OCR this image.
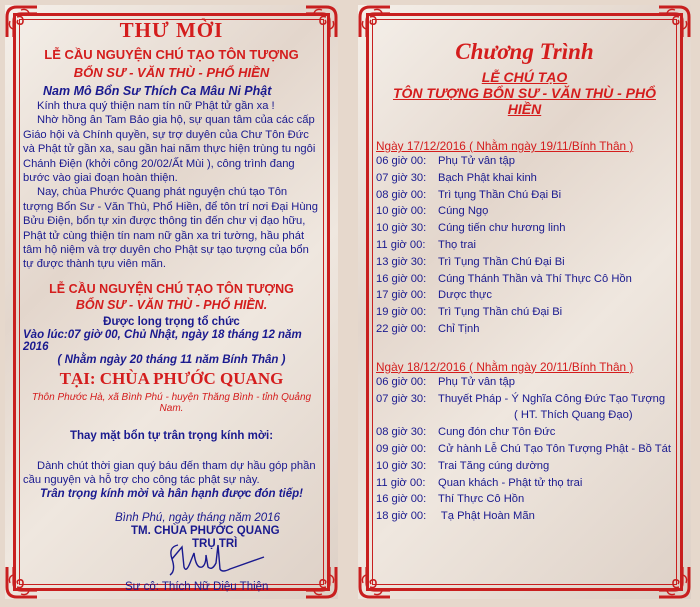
THƯ MỜI
LỄ CẦU NGUYỆN CHÚ TẠO TÔN TƯỢNG
BỔN SƯ - VĂN THÙ - PHỔ HIỀN
Nam Mô Bổn Sư Thích Ca Mâu Ni Phật

Kính thưa quý thiện nam tín nữ Phật tử gần xa !

Nhờ hồng ân Tam Bảo gia hộ, sự quan tâm của các cấp Giáo hội và Chính quyền, sự trợ duyên của Chư Tôn Đức và Phật tử gần xa, sau gần hai năm thực hiện trùng tu ngôi Chánh Điện (khởi công 20/02/Ất Mùi ), công trình đang bước vào giai đoạn hoàn thiện.

Nay, chùa Phước Quang phát nguyện chú tạo Tôn tượng Bổn Sư - Văn Thù, Phổ Hiền, để tôn trí nơi Đại Hùng Bửu Điện, bổn tự xin được thông tin đến chư vị đạo hữu, Phật tử cùng thiện tín nam nữ gần xa tri tường, hầu phát tâm hộ niệm và trợ duyên cho Phật sự tạo tượng của bổn tự được thành tựu viên mãn.

LỄ CẦU NGUYỆN CHÚ TẠO TÔN TƯỢNG
BỔN SƯ - VĂN THÙ - PHỔ HIỀN.
Được long trọng tổ chức
Vào lúc:07 giờ 00, Chủ Nhật, ngày 18 tháng 12 năm 2016
( Nhằm ngày 20 tháng 11 năm Bính Thân )
TẠI: CHÙA PHƯỚC QUANG
Thôn Phước Hà, xã Bình Phú - huyện Thăng Bình - tỉnh Quảng Nam.
Thay mặt bổn tự trân trọng kính mời:
Dành chút thời gian quý báu đến tham dự hầu góp phần cầu nguyện và hỗ trợ cho công tác phật sự này.
Trân trọng kính mời và hân hạnh được đón tiếp!
Bình Phú, ngày tháng năm 2016
TM. CHÙA PHƯỚC QUANG
TRỤ TRÌ
Sư cô: Thích Nữ Diệu Thiện
Chương Trình
LỄ CHÚ TẠO
TÔN TƯỢNG BỔN SƯ - VĂN THÙ - PHỔ HIỀN
Ngày 17/12/2016 ( Nhằm ngày 19/11/Bính Thân )
06 giờ 00: Phụ Tử vân tập
07 giờ 30: Bạch Phật khai kinh
08 giờ 00: Trì tụng Thần Chú Đại Bi
10 giờ 00: Cúng Ngọ
10 giờ 30: Cúng tiến chư hương linh
11 giờ 00: Thọ trai
13 giờ 30: Trì Tụng Thần Chú Đại Bi
16 giờ 00: Cúng Thánh Thần và Thí Thực Cô Hồn
17 giờ 00: Dược thực
19 giờ 00: Trì Tụng Thần chú Đại Bi
22 giờ 00: Chỉ Tịnh
Ngày 18/12/2016 ( Nhằm ngày 20/11/Bính Thân )
06 giờ 00: Phụ Tử vân tập
07 giờ 30: Thuyết Pháp - Ý Nghĩa Công Đức Tạo Tượng
( HT. Thích Quang Đạo)
08 giờ 30: Cung đón chư Tôn Đức
09 giờ 00: Cử hành Lễ Chú Tạo Tôn Tượng Phật - Bồ Tát
10 giờ 30: Trai Tăng cúng dường
11 giờ 00: Quan khách - Phật tử thọ trai
16 giờ 00: Thí Thực Cô Hồn
18 giờ 00: Tạ Phật Hoàn Mãn
